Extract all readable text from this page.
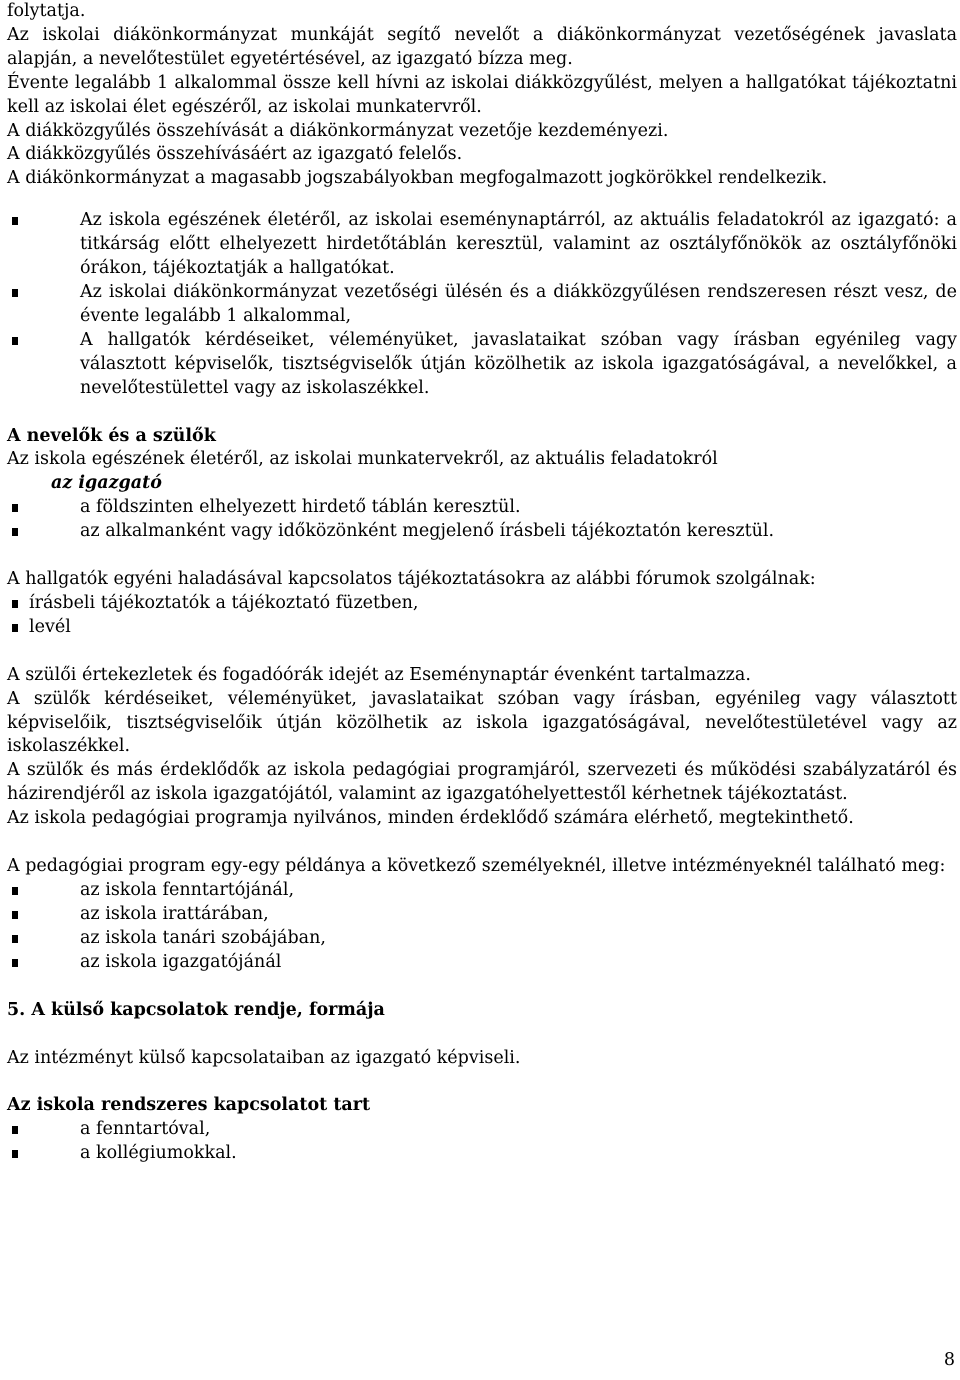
folytatja.

Az iskolai diákönkormányzat munkáját segítő nevelőt a diákönkormányzat vezetőségének javaslata alapján, a nevelőtestület egyetértésével, az igazgató bízza meg.

Évente legalább 1 alkalommal össze kell hívni az iskolai diákközgyűlést, melyen a hallgatókat tájékoztatni kell az iskolai élet egészéről, az iskolai munkatervről.

A diákközgyűlés összehívását a diákönkormányzat vezetője kezdeményezi.

A diákközgyűlés összehívásáért az igazgató felelős.

A diákönkormányzat a magasabb jogszabályokban megfogalmazott jogkörökkel rendelkezik.

Az iskola egészének életéről, az iskolai eseménynaptárról, az aktuális feladatokról az igazgató: a titkárság előtt elhelyezett hirdetőtáblán keresztül, valamint az osztályfőnökök az osztályfőnöki órákon, tájékoztatják a hallgatókat.
Az iskolai diákönkormányzat vezetőségi ülésén és a diákközgyűlésen rendszeresen részt vesz, de évente legalább 1 alkalommal,
A hallgatók kérdéseiket, véleményüket, javaslataikat szóban vagy írásban egyénileg vagy választott képviselők, tisztségviselők útján közölhetik az iskola igazgatóságával, a nevelőkkel, a nevelőtestülettel vagy az iskolaszékkel.

A nevelők és a szülők

Az iskola egészének életéről, az iskolai munkatervekről, az aktuális feladatokról

az igazgató

a földszinten elhelyezett hirdető táblán keresztül.
az alkalmanként vagy időközönként megjelenő írásbeli tájékoztatón keresztül.

A hallgatók egyéni haladásával kapcsolatos tájékoztatásokra az alábbi fórumok szolgálnak:

írásbeli tájékoztatók a tájékoztató füzetben,
levél

A szülői értekezletek és fogadóórák idejét az Eseménynaptár évenként tartalmazza.

A szülők kérdéseiket, véleményüket, javaslataikat szóban vagy írásban, egyénileg vagy választott képviselőik, tisztségviselőik útján közölhetik az iskola igazgatóságával, nevelőtestületével vagy az iskolaszékkel.

A szülők és más érdeklődők az iskola pedagógiai programjáról, szervezeti és működési szabályzatáról és házirendjéről az iskola igazgatójától, valamint az igazgatóhelyettestől kérhetnek tájékoztatást.

Az iskola pedagógiai programja nyilvános, minden érdeklődő számára elérhető, megtekinthető.

A pedagógiai program egy-egy példánya a következő személyeknél, illetve intézményeknél található meg:

az iskola fenntartójánál,
az iskola irattárában,
az iskola tanári szobájában,
az iskola igazgatójánál

5. A külső kapcsolatok rendje, formája

Az intézményt külső kapcsolataiban az igazgató képviseli.

Az iskola rendszeres kapcsolatot tart

a fenntartóval,
a kollégiumokkal.
8
